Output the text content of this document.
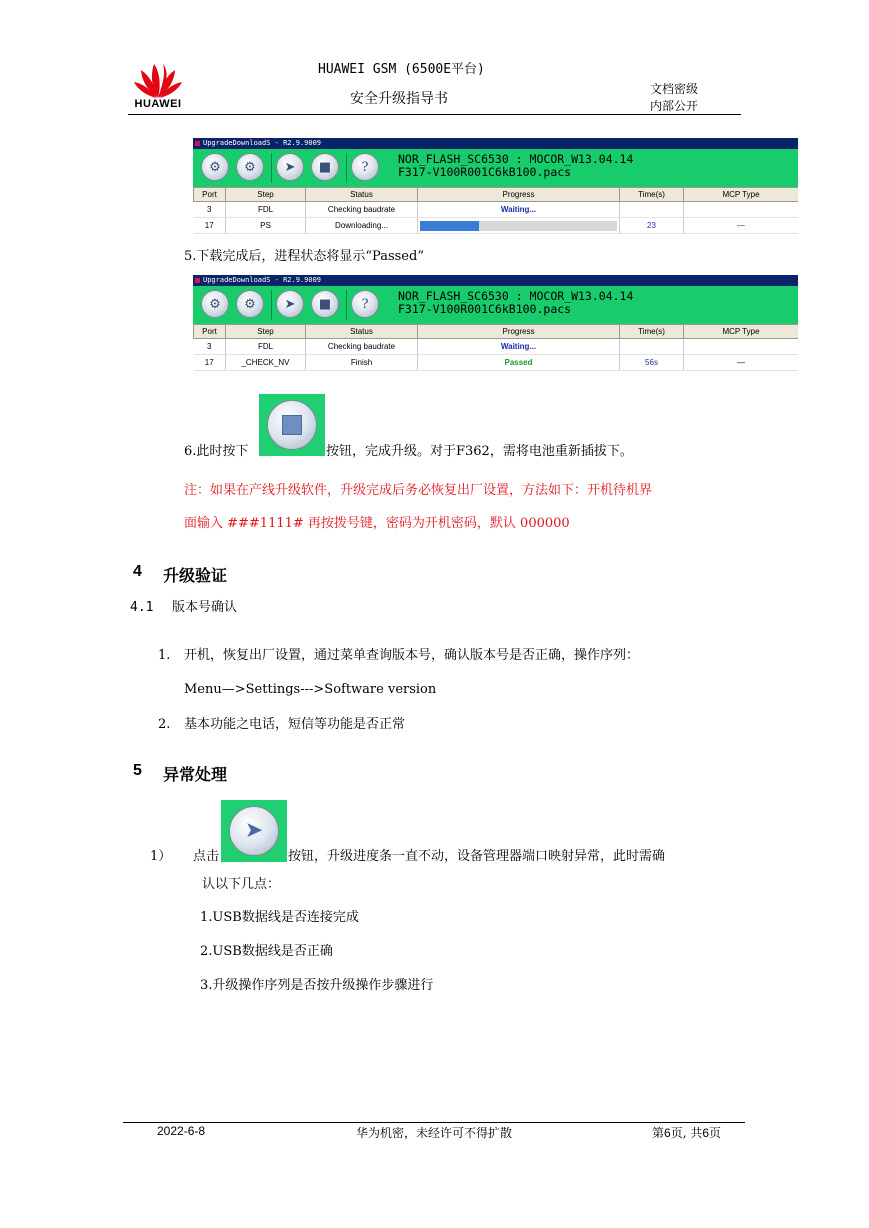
HUAWEI
HUAWEI GSM (6500E平台)
安全升级指导书
文档密级
内部公开
UpgradeDownloadS - R2.9.9009
⚙ ⚙ ➤ ■ ?
NOR_FLASH_SC6530 : MOCOR_W13.04.14
F317-V100R001C6kB100.pacs
Port	Step	Status	Progress	Time(s)	MCP Type
3	FDL	Checking baudrate	Waiting...		
17	PS	Downloading...		23	—
5.下载完成后，进程状态将显示“Passed”
UpgradeDownloadS - R2.9.9009
⚙ ⚙ ➤ ■ ?
NOR_FLASH_SC6530 : MOCOR_W13.04.14
F317-V100R001C6kB100.pacs
Port	Step	Status	Progress	Time(s)	MCP Type
3	FDL	Checking baudrate	Waiting...		
17	_CHECK_NV	Finish	Passed	56s	—
6.此时按下	按钮，完成升级。对于F362，需将电池重新插拔下。
注：如果在产线升级软件，升级完成后务必恢复出厂设置，方法如下：开机待机界
面输入 ###1111# 再按拨号键，密码为开机密码，默认 000000
4 升级验证
4.1 版本号确认
1. 开机，恢复出厂设置，通过菜单查询版本号，确认版本号是否正确，操作序列：
Menu—>Settings--->Software version
2. 基本功能之电话，短信等功能是否正常
5 异常处理
➤
1） 点击	按钮，升级进度条一直不动，设备管理器端口映射异常，此时需确
认以下几点：
1.USB数据线是否连接完成
2.USB数据线是否正确
3.升级操作序列是否按升级操作步骤进行
2022-6-8	华为机密，未经许可不得扩散	第6页, 共6页
